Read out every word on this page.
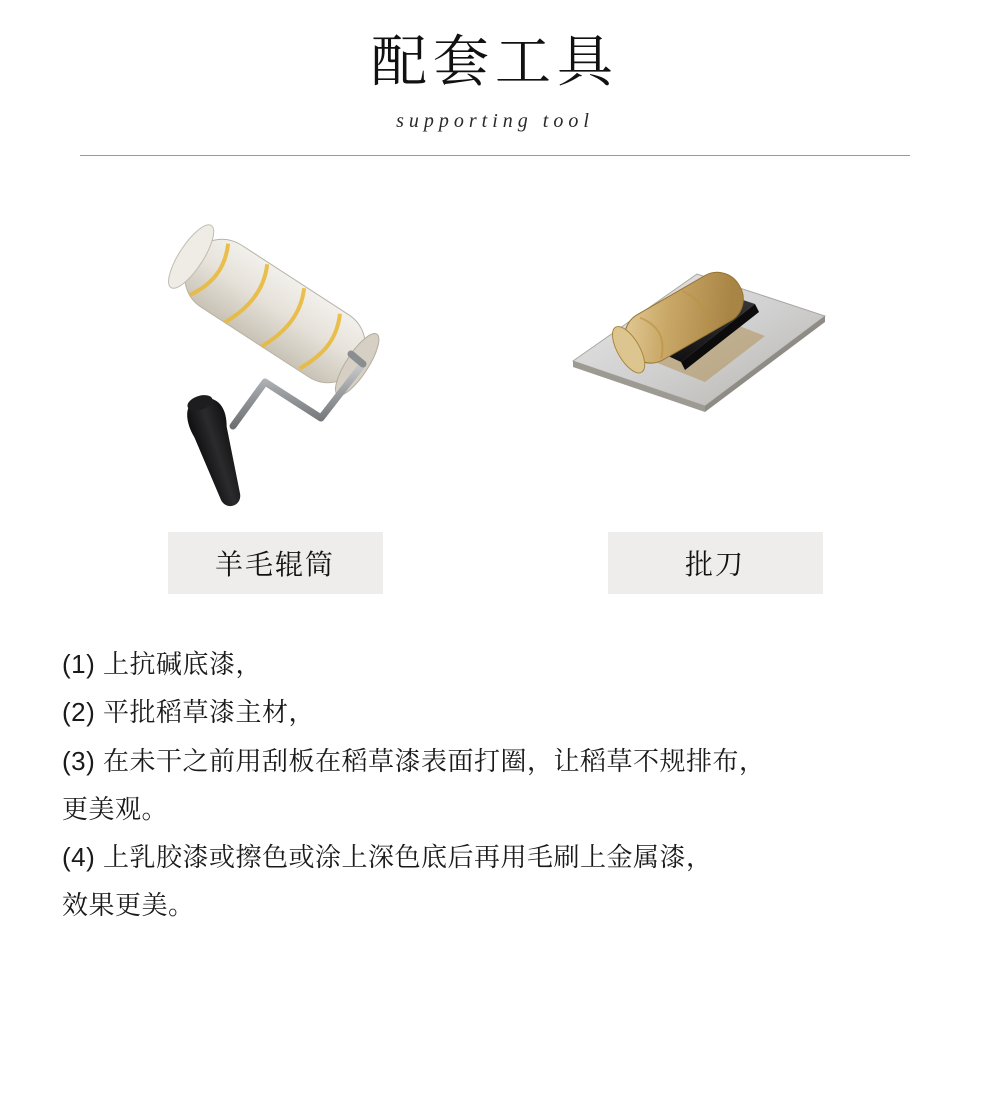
配套工具
supporting tool
羊毛辊筒	批刀
(1) 上抗碱底漆，
(2) 平批稻草漆主材，
(3) 在未干之前用刮板在稻草漆表面打圈，让稻草不规排布，
更美观。
(4) 上乳胶漆或擦色或涂上深色底后再用毛刷上金属漆，
效果更美。
